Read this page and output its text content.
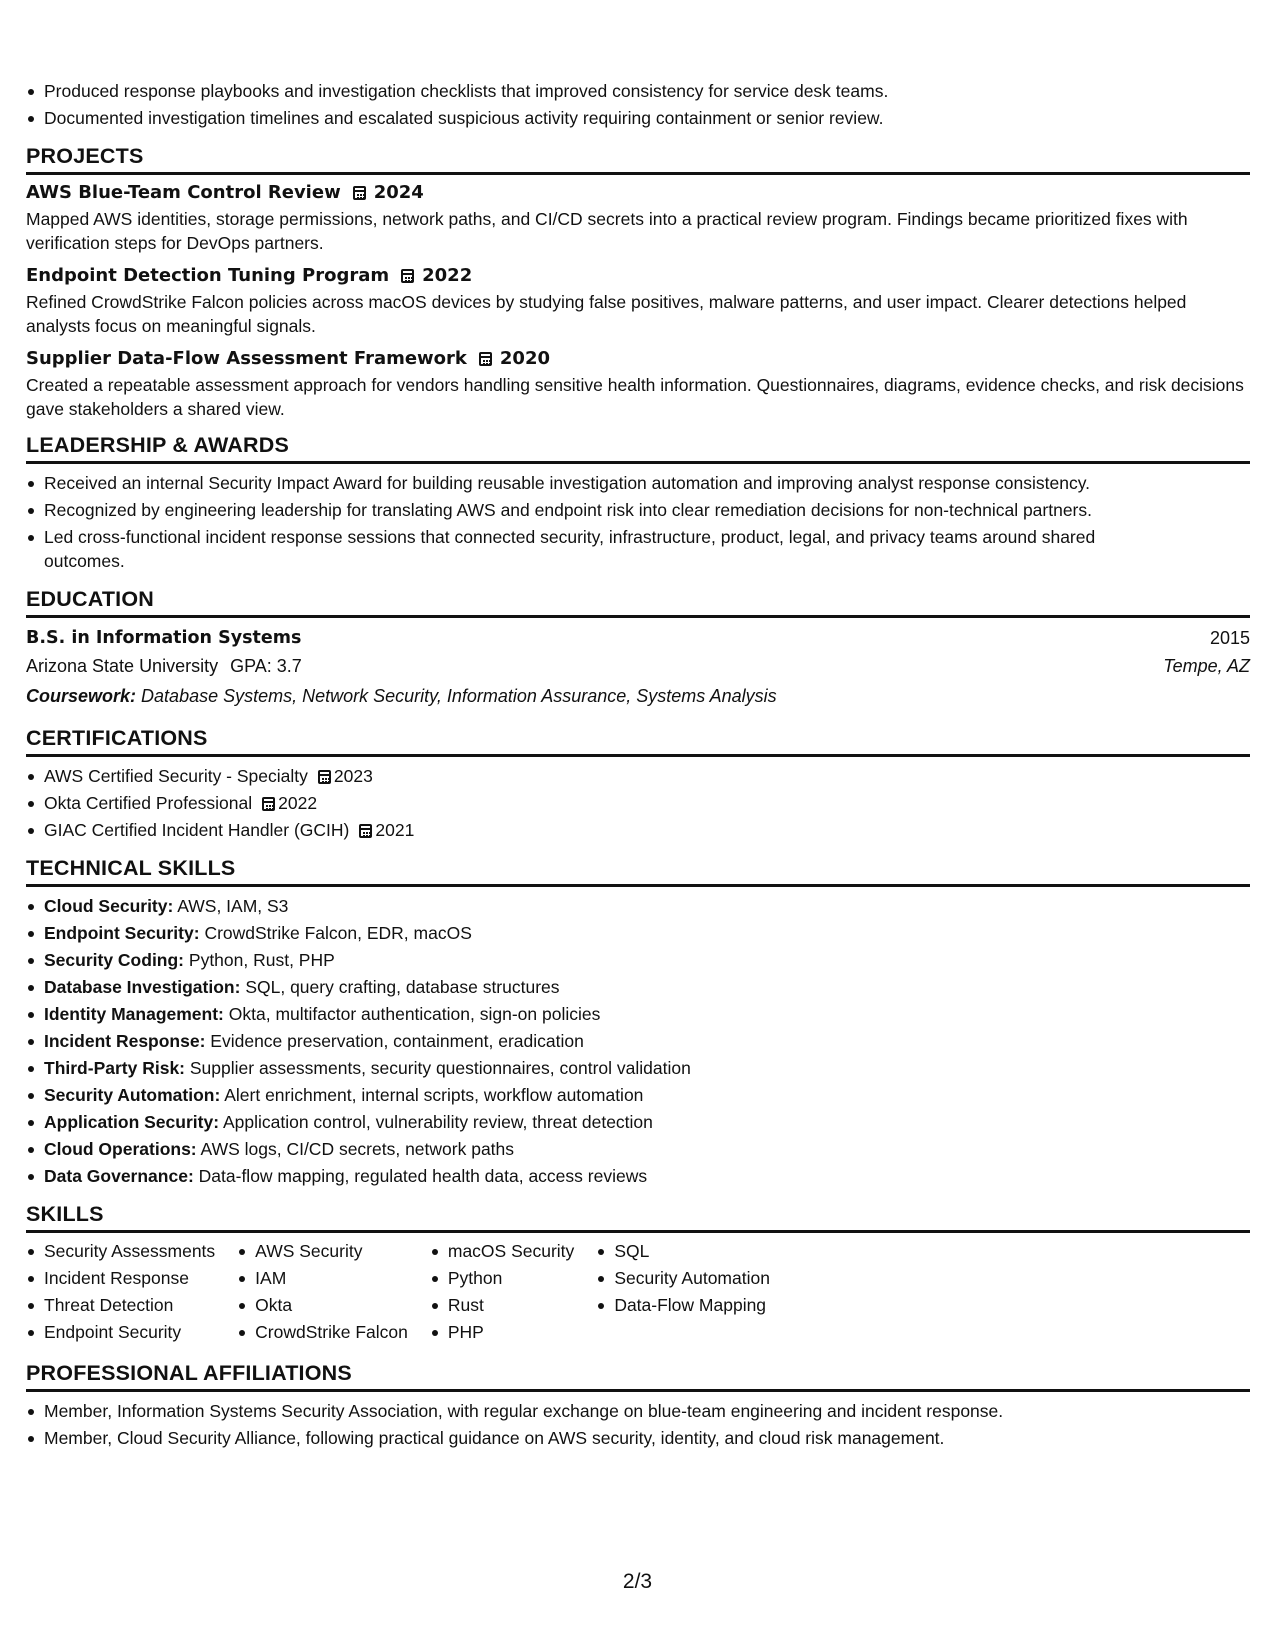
Produced response playbooks and investigation checklists that improved consistency for service desk teams.
Documented investigation timelines and escalated suspicious activity requiring containment or senior review.
PROJECTS
AWS Blue-Team Control Review 2024
Mapped AWS identities, storage permissions, network paths, and CI/CD secrets into a practical review program. Findings became prioritized fixes with verification steps for DevOps partners.
Endpoint Detection Tuning Program 2022
Refined CrowdStrike Falcon policies across macOS devices by studying false positives, malware patterns, and user impact. Clearer detections helped analysts focus on meaningful signals.
Supplier Data-Flow Assessment Framework 2020
Created a repeatable assessment approach for vendors handling sensitive health information. Questionnaires, diagrams, evidence checks, and risk decisions gave stakeholders a shared view.
LEADERSHIP & AWARDS
Received an internal Security Impact Award for building reusable investigation automation and improving analyst response consistency.
Recognized by engineering leadership for translating AWS and endpoint risk into clear remediation decisions for non-technical partners.
Led cross-functional incident response sessions that connected security, infrastructure, product, legal, and privacy teams around shared outcomes.
EDUCATION
B.S. in Information Systems	2015
Arizona State University GPA: 3.7	Tempe, AZ
Coursework: Database Systems, Network Security, Information Assurance, Systems Analysis
CERTIFICATIONS
AWS Certified Security - Specialty 2023
Okta Certified Professional 2022
GIAC Certified Incident Handler (GCIH) 2021
TECHNICAL SKILLS
Cloud Security: AWS, IAM, S3
Endpoint Security: CrowdStrike Falcon, EDR, macOS
Security Coding: Python, Rust, PHP
Database Investigation: SQL, query crafting, database structures
Identity Management: Okta, multifactor authentication, sign-on policies
Incident Response: Evidence preservation, containment, eradication
Third-Party Risk: Supplier assessments, security questionnaires, control validation
Security Automation: Alert enrichment, internal scripts, workflow automation
Application Security: Application control, vulnerability review, threat detection
Cloud Operations: AWS logs, CI/CD secrets, network paths
Data Governance: Data-flow mapping, regulated health data, access reviews
SKILLS
Security Assessments
Incident Response
Threat Detection
Endpoint Security
AWS Security
IAM
Okta
CrowdStrike Falcon
macOS Security
Python
Rust
PHP
SQL
Security Automation
Data-Flow Mapping
PROFESSIONAL AFFILIATIONS
Member, Information Systems Security Association, with regular exchange on blue-team engineering and incident response.
Member, Cloud Security Alliance, following practical guidance on AWS security, identity, and cloud risk management.
2/3
